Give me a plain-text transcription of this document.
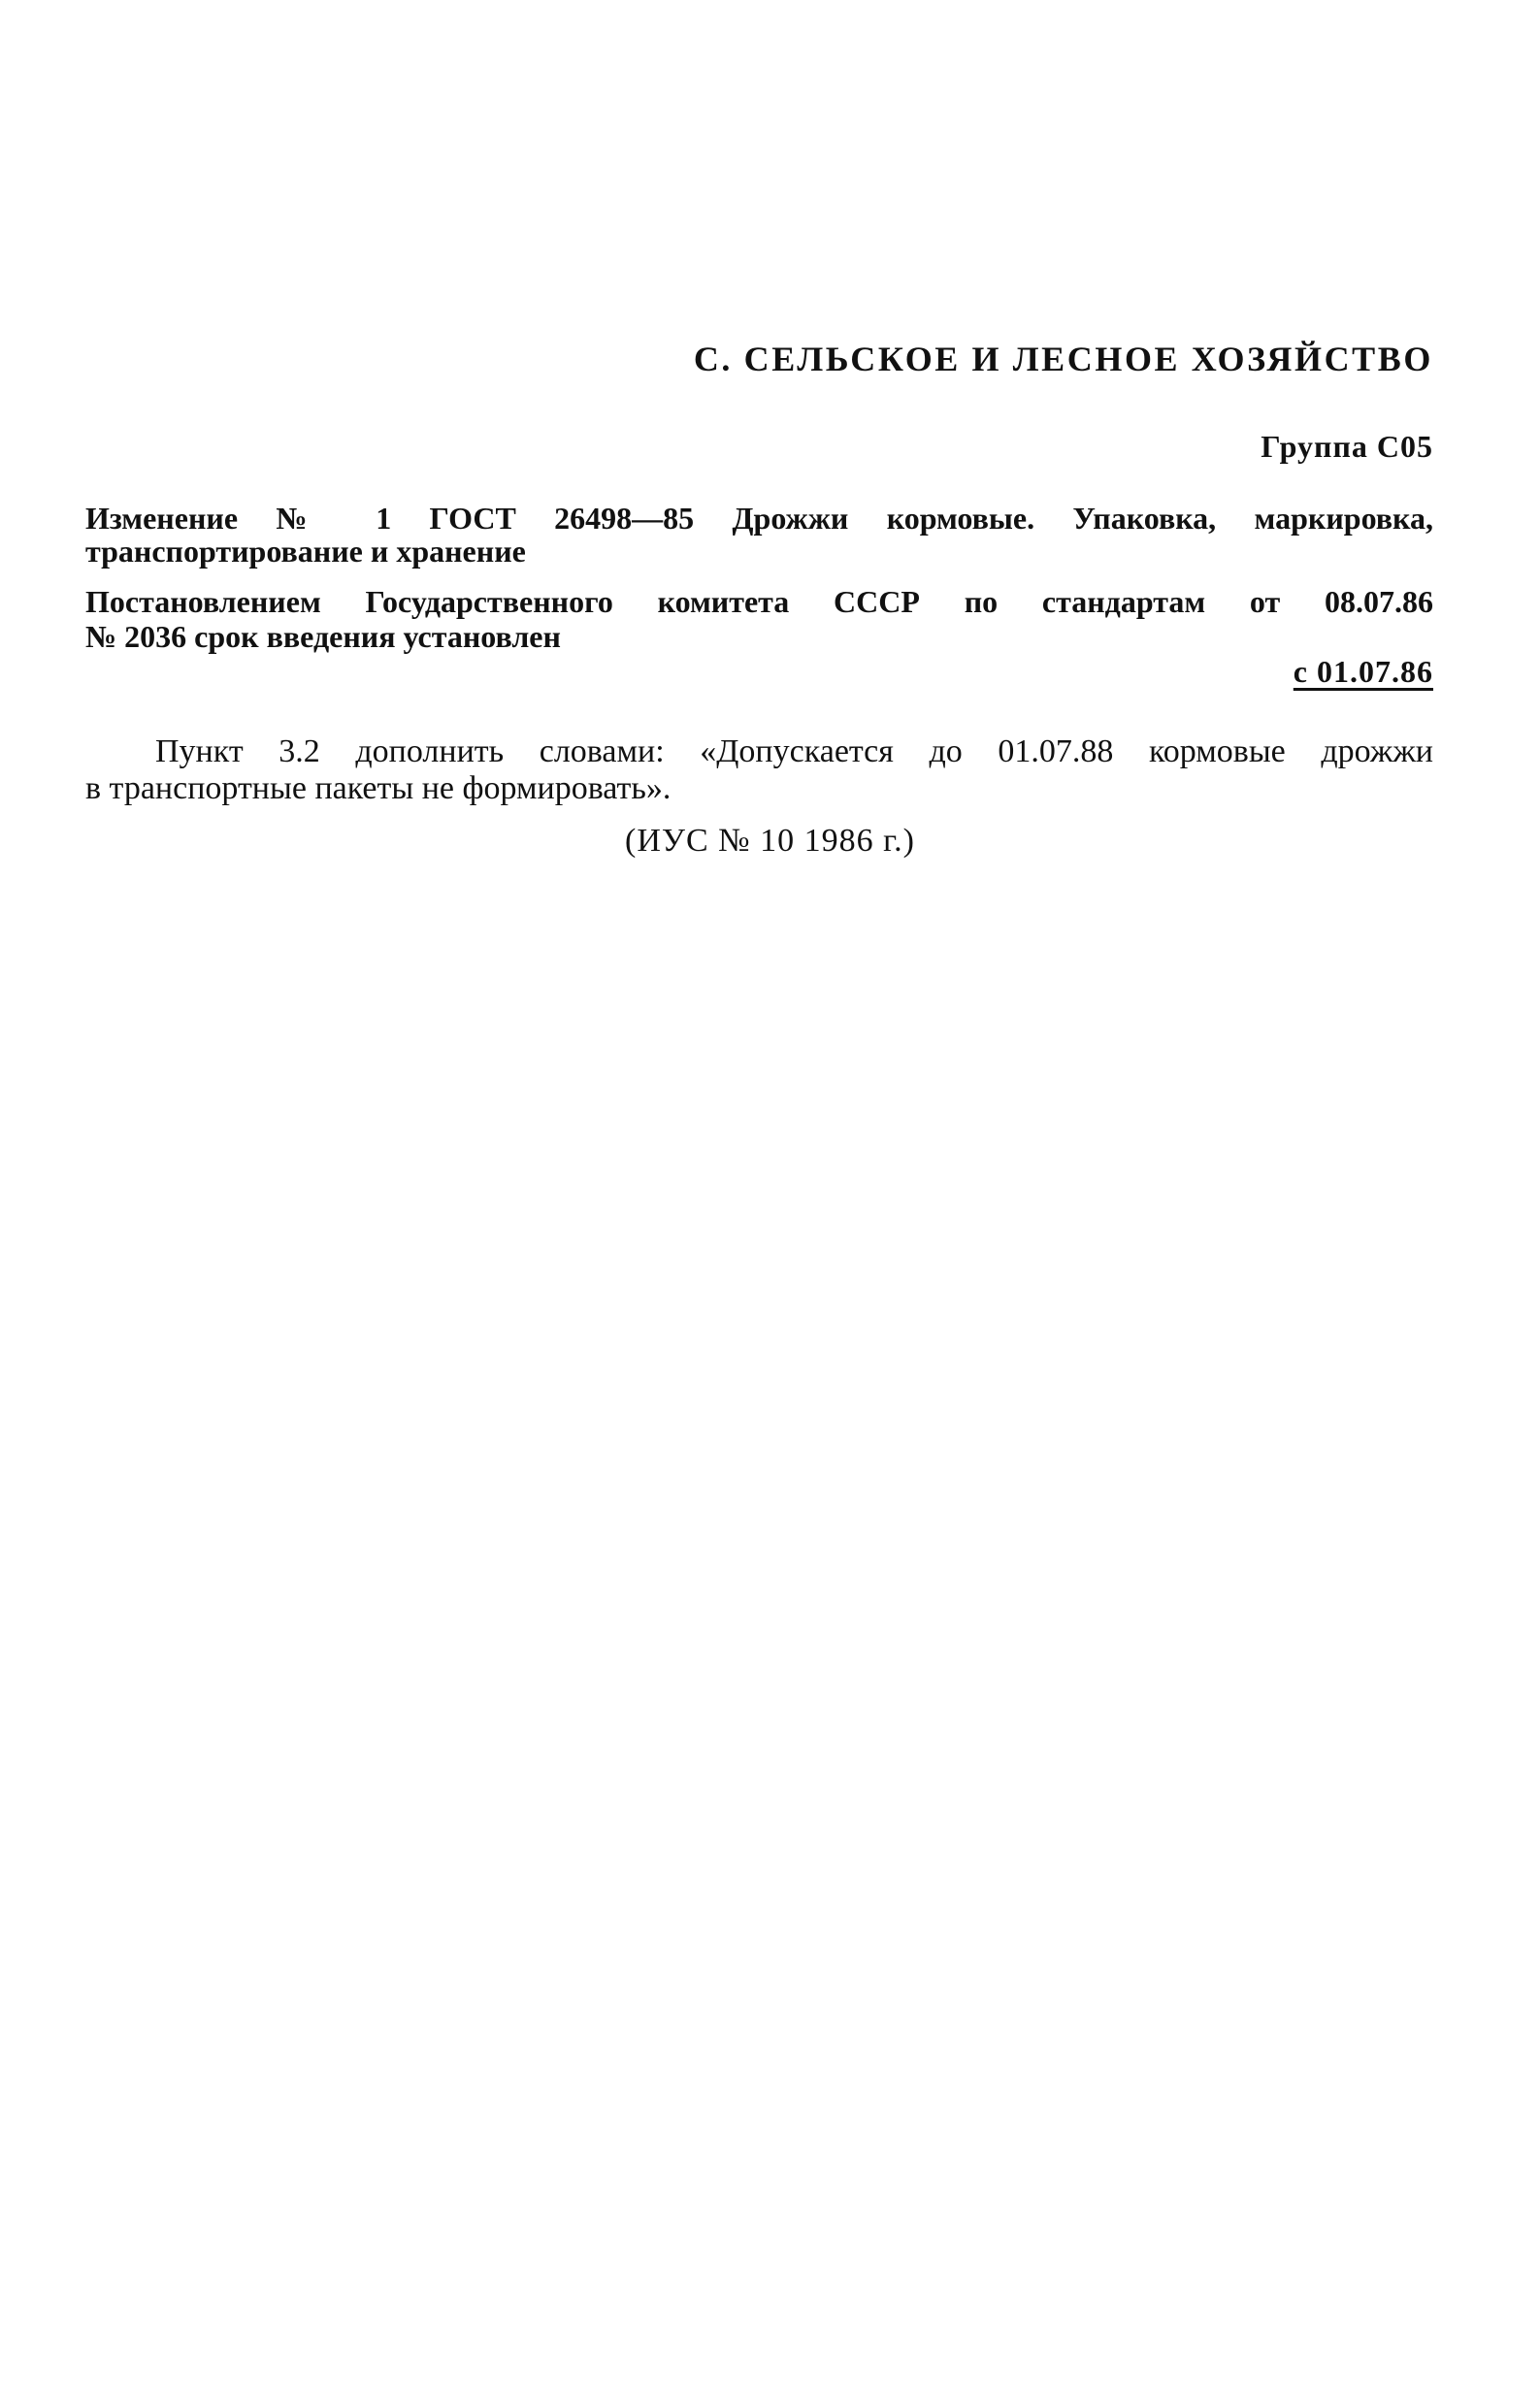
С. СЕЛЬСКОЕ И ЛЕСНОЕ ХОЗЯЙСТВО
Группа С05
Изменение № 1 ГОСТ 26498—85 Дрожжи кормовые. Упаковка, маркировка,
транспортирование и хранение
Постановлением Государственного комитета СССР по стандартам от 08.07.86
№ 2036 срок введения установлен
с 01.07.86
Пункт 3.2 дополнить словами: «Допускается до 01.07.88 кормовые дрожжи
в транспортные пакеты не формировать».
(ИУС № 10 1986 г.)
